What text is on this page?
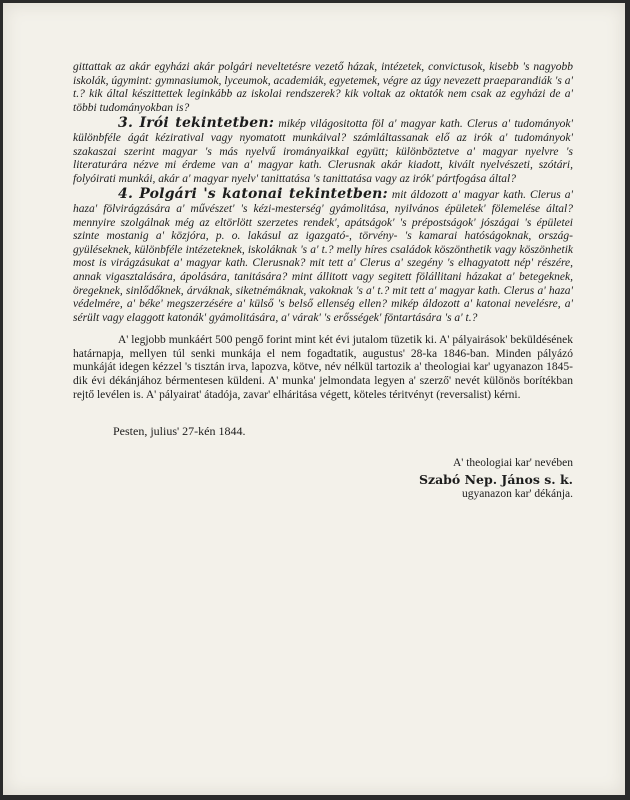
gittattak az akár egyházi akár polgári neveltetésre vezető házak, intézetek, convictusok, kisebb 's nagyobb iskolák, úgymint: gymnasiumok, lyceumok, academiák, egyetemek, végre az úgy nevezett praeparandiák 's a' t.? kik által készittettek leginkább az iskolai rendszerek? kik voltak az oktatók nem csak az egyházi de a' többi tudományokban is?

3. Irói tekintetben: mikép világositotta föl a' magyar kath. Clerus a' tudományok' különbféle ágát kéziratival vagy nyomatott munkáival? számláltassanak elő az irók a' tudományok' szakaszai szerint magyar 's más nyelvű irományaikkal együtt; különböztetve a' magyar nyelvre 's literaturára nézve mi érdeme van a' magyar kath. Clerusnak akár kiadott, kivált nyelvészeti, szótári, folyóirati munkái, akár a' magyar nyelv' tanittatása 's tanittatása vagy az irók' pártfogása által?

4. Polgári 's katonai tekintetben: mit áldozott a' magyar kath. Clerus a' haza' fölvirágzására a' művészet' 's kézi-mesterség' gyámolitása, nyilvános épületek' fölemelése által? mennyire szolgálnak még az eltörlött szerzetes rendek', apátságok' 's prépostságok' jószágai 's épületei szinte mostanig a' közjóra, p. o. lakásul az igazgató-, törvény- 's kamarai hatóságoknak, ország-gyüléseknek, különbféle intézeteknek, iskoláknak 's a' t.? melly híres családok köszönthetik vagy köszönhetik most is virágzásukat a' magyar kath. Clerusnak? mit tett a' Clerus a' szegény 's elhagyatott nép' részére, annak vigasztalására, ápolására, tanitására? mint állitott vagy segitett fölállitani házakat a' betegeknek, öregeknek, sinlődőknek, árváknak, siketnémáknak, vakoknak 's a' t.? mit tett a' magyar kath. Clerus a' haza' védelmére, a' béke' megszerzésére a' külső 's belső ellenség ellen? mikép áldozott a' katonai nevelésre, a' sérült vagy elaggott katonák' gyámolitására, a' várak' 's erősségek' föntartására 's a' t.?

A' legjobb munkáért 500 pengő forint mint két évi jutalom tüzetik ki. A' pályairások' beküldésének határnapja, mellyen túl senki munkája el nem fogadtatik, augustus' 28-ka 1846-ban. Minden pályázó munkáját idegen kézzel 's tisztán irva, lapozva, kötve, név nélkül tartozik a' theologiai kar' ugyanazon 1845-dik évi dékánjához bérmentesen küldeni. A' munka' jelmondata legyen a' szerző' nevét különös borítékban rejtő levélen is. A' pályairat' átadója, zavar' elháritása végett, köteles téritvényt (reversalist) kérni.

Pesten, julius' 27-kén 1844.
A' theologiai kar' nevében
Szabó Nep. János s. k.
ugyanazon kar' dékánja.
